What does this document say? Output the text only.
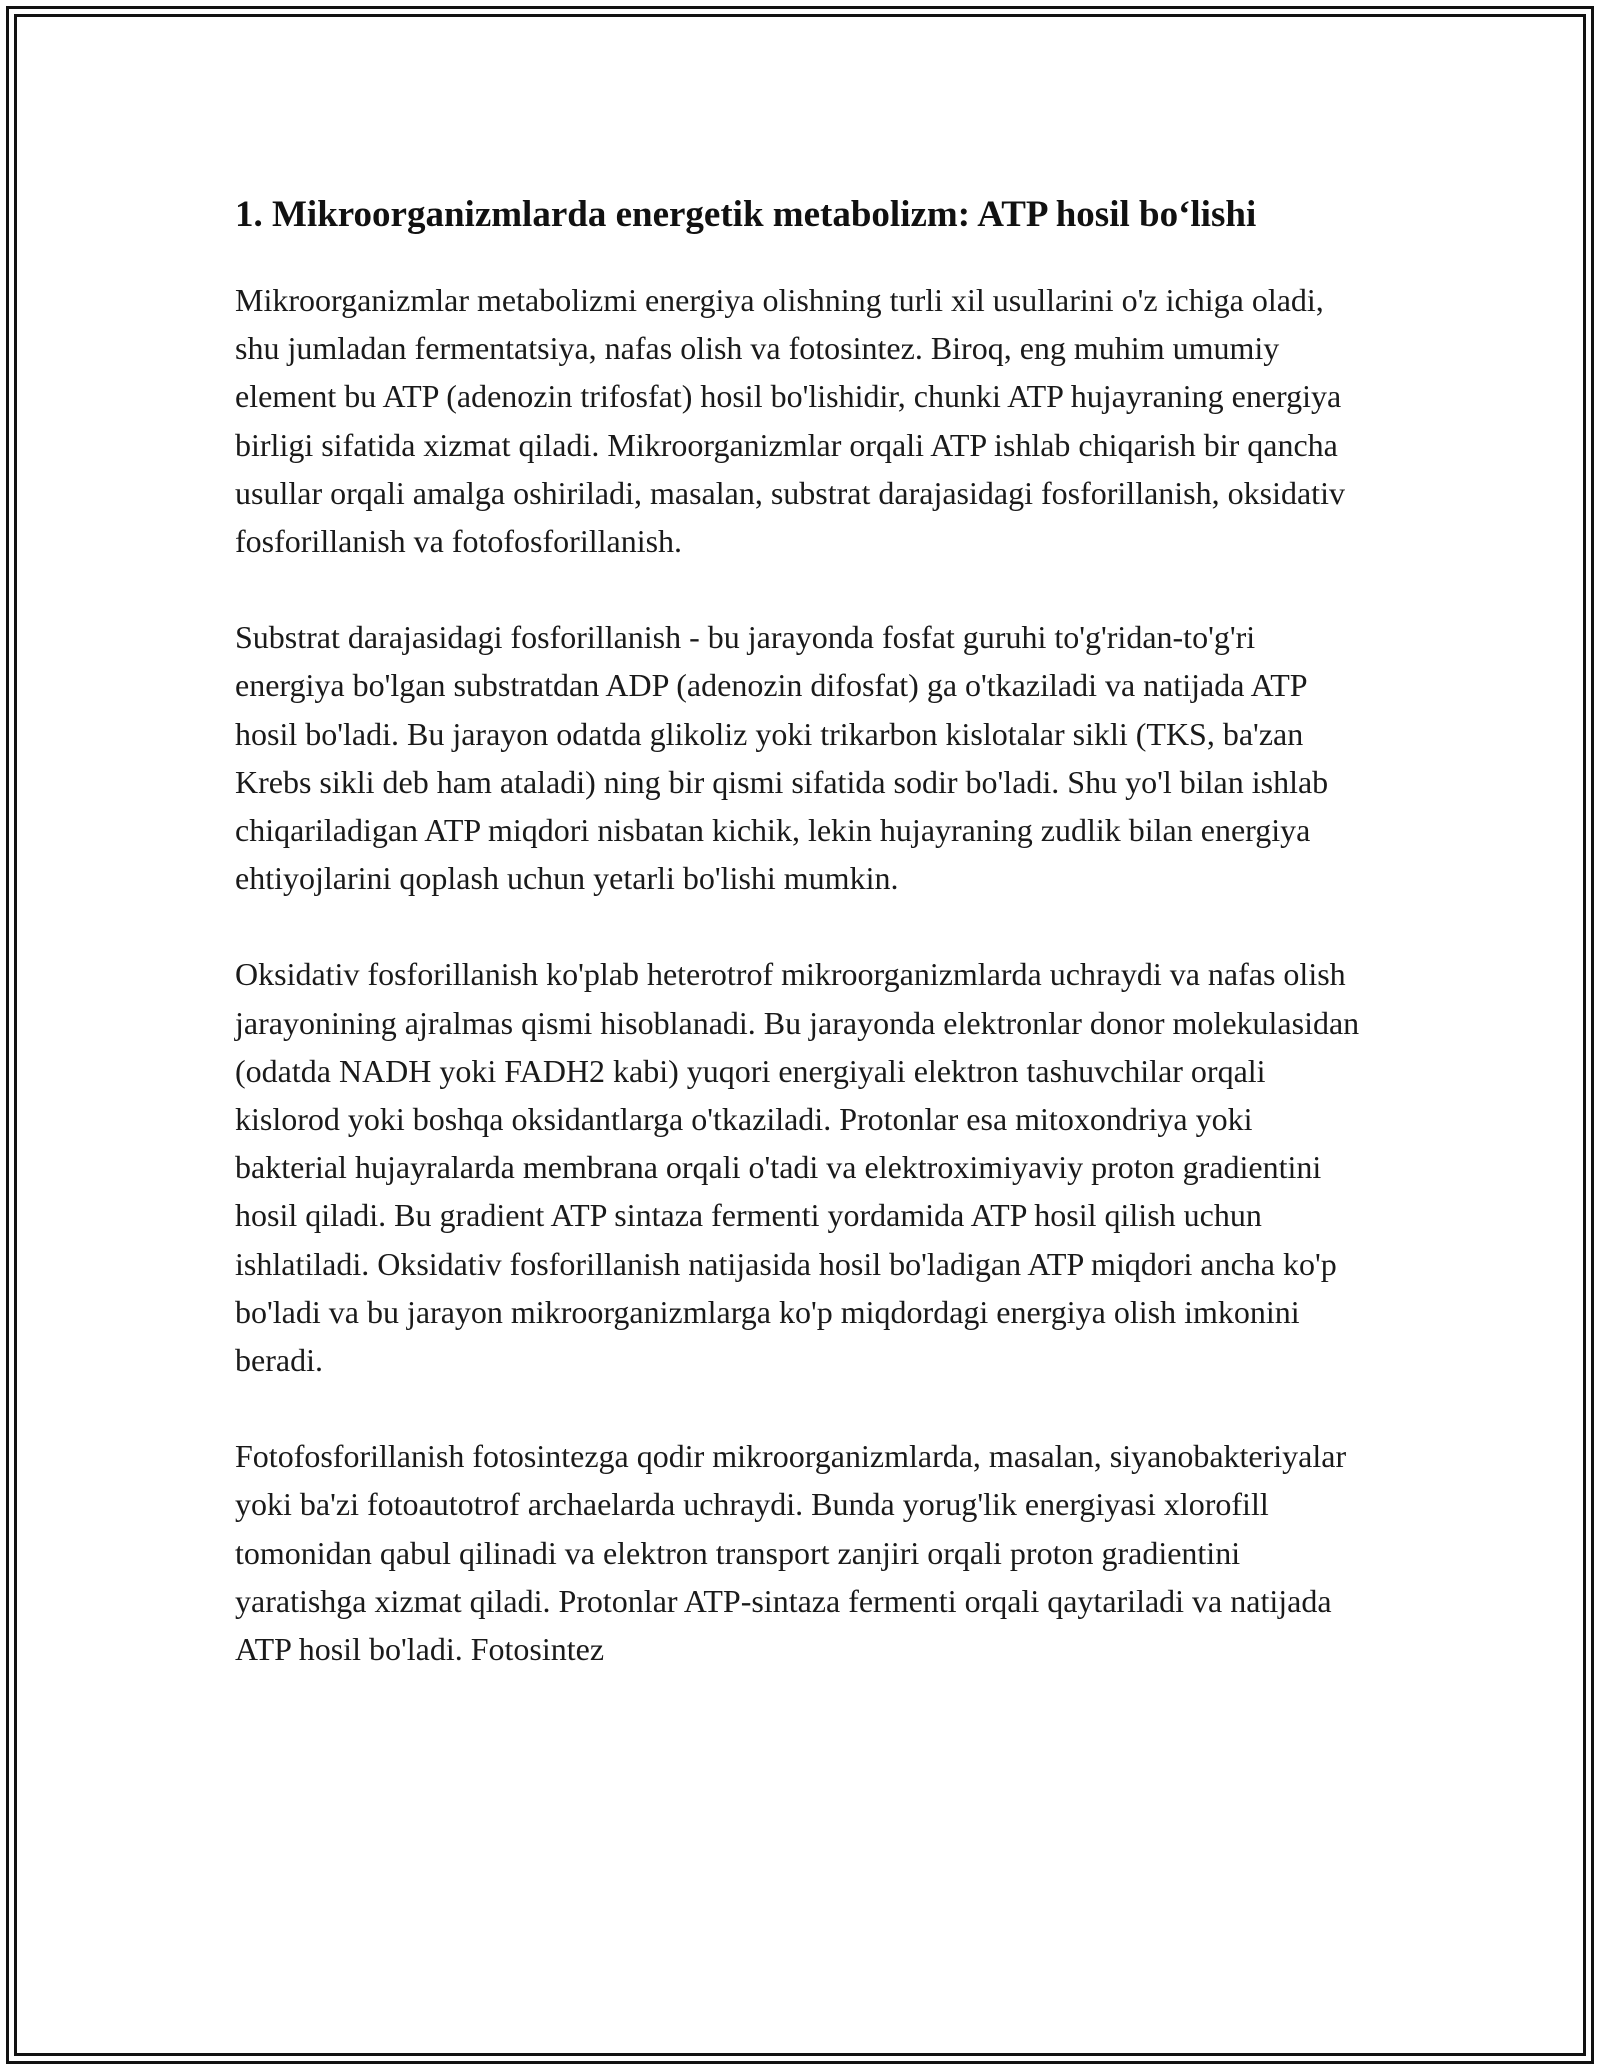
1. Mikroorganizmlarda energetik metabolizm: ATP hosil bo‘lishi

Mikroorganizmlar metabolizmi energiya olishning turli xil usullarini o'z ichiga oladi, shu jumladan fermentatsiya, nafas olish va fotosintez. Biroq, eng muhim umumiy element bu ATP (adenozin trifosfat) hosil bo'lishidir, chunki ATP hujayraning energiya birligi sifatida xizmat qiladi. Mikroorganizmlar orqali ATP ishlab chiqarish bir qancha usullar orqali amalga oshiriladi, masalan, substrat darajasidagi fosforillanish, oksidativ fosforillanish va fotofosforillanish.

Substrat darajasidagi fosforillanish - bu jarayonda fosfat guruhi to'g'ridan-to'g'ri energiya bo'lgan substratdan ADP (adenozin difosfat) ga o'tkaziladi va natijada ATP hosil bo'ladi. Bu jarayon odatda glikoliz yoki trikarbon kislotalar sikli (TKS, ba'zan Krebs sikli deb ham ataladi) ning bir qismi sifatida sodir bo'ladi. Shu yo'l bilan ishlab chiqariladigan ATP miqdori nisbatan kichik, lekin hujayraning zudlik bilan energiya ehtiyojlarini qoplash uchun yetarli bo'lishi mumkin.

Oksidativ fosforillanish ko'plab heterotrof mikroorganizmlarda uchraydi va nafas olish jarayonining ajralmas qismi hisoblanadi. Bu jarayonda elektronlar donor molekulasidan (odatda NADH yoki FADH2 kabi) yuqori energiyali elektron tashuvchilar orqali kislorod yoki boshqa oksidantlarga o'tkaziladi. Protonlar esa mitoxondriya yoki bakterial hujayralarda membrana orqali o'tadi va elektroximiyaviy proton gradientini hosil qiladi. Bu gradient ATP sintaza fermenti yordamida ATP hosil qilish uchun ishlatiladi. Oksidativ fosforillanish natijasida hosil bo'ladigan ATP miqdori ancha ko'p bo'ladi va bu jarayon mikroorganizmlarga ko'p miqdordagi energiya olish imkonini beradi.

Fotofosforillanish fotosintezga qodir mikroorganizmlarda, masalan, siyanobakteriyalar yoki ba'zi fotoautotrof archaelarda uchraydi. Bunda yorug'lik energiyasi xlorofill tomonidan qabul qilinadi va elektron transport zanjiri orqali proton gradientini yaratishga xizmat qiladi. Protonlar ATP-sintaza fermenti orqali qaytariladi va natijada ATP hosil bo'ladi. Fotosintez
